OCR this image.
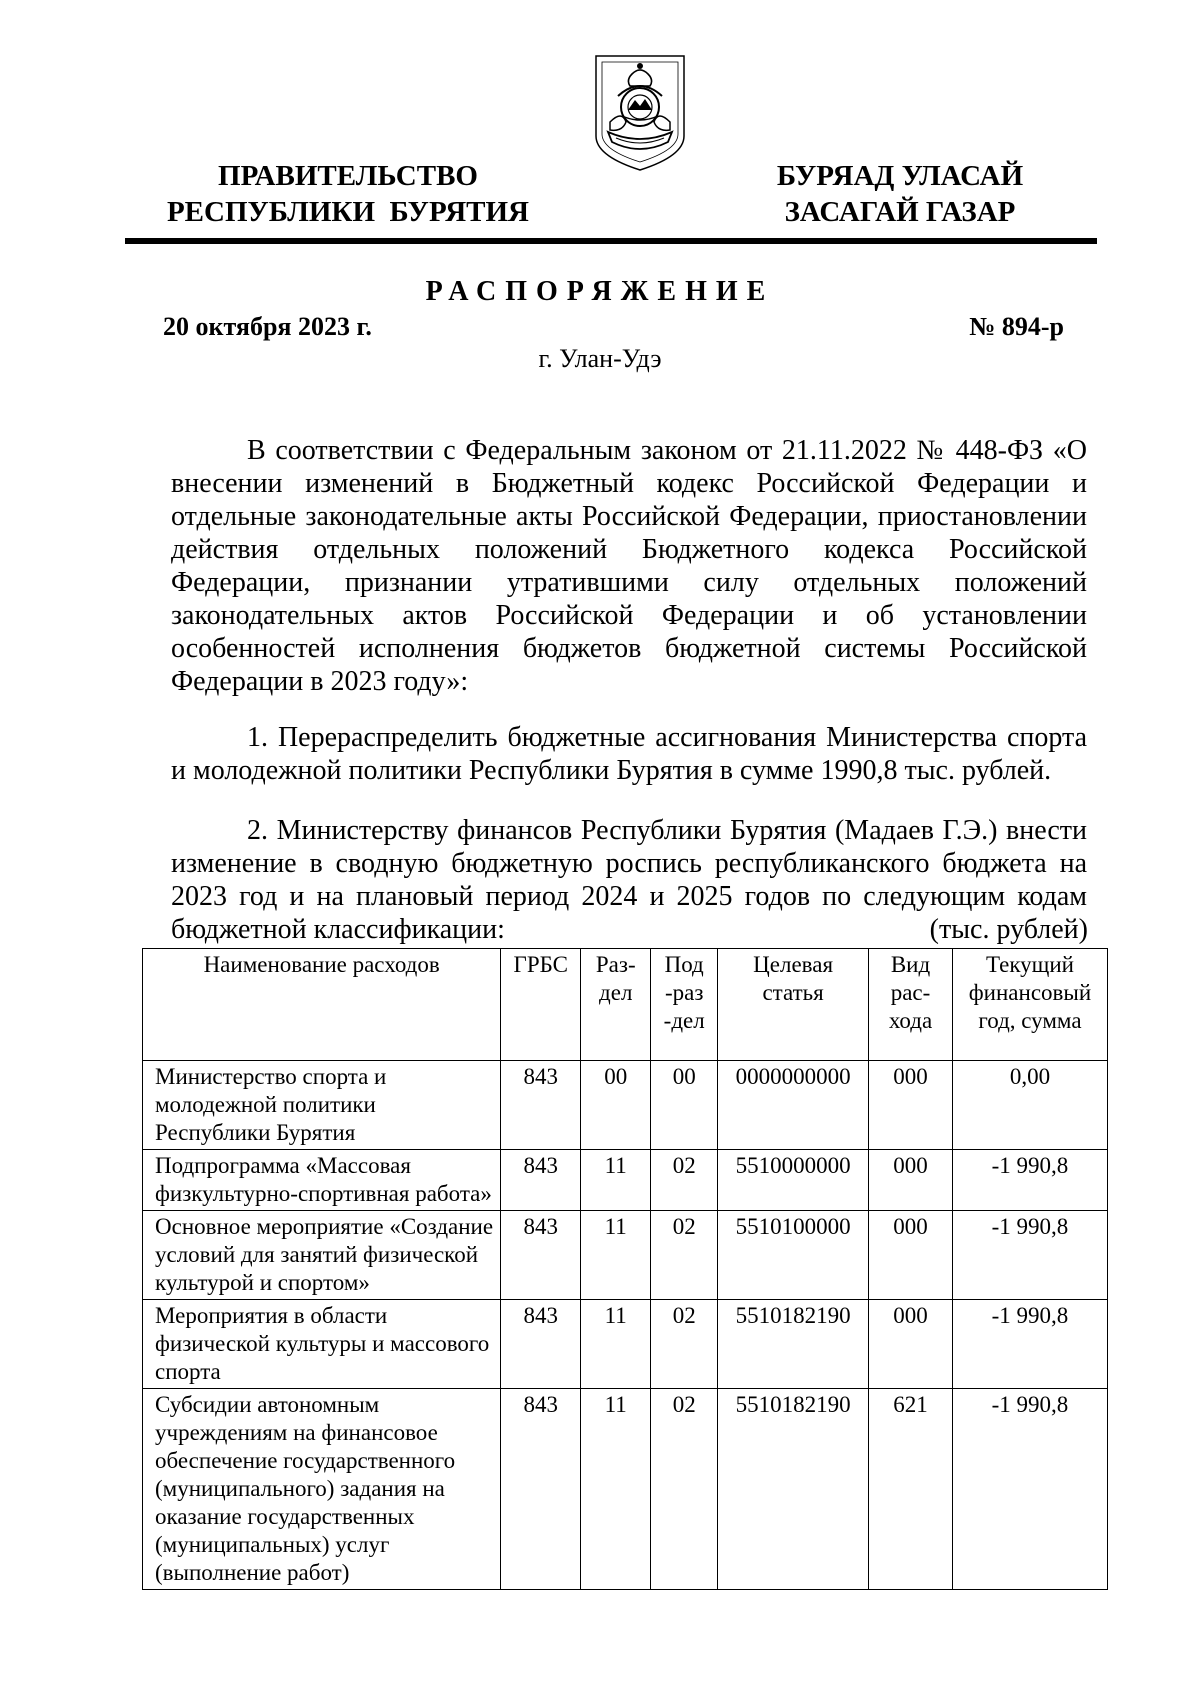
ПРАВИТЕЛЬСТВО
РЕСПУБЛИКИ  БУРЯТИЯ
БУРЯАД УЛАСАЙ
ЗАСАГАЙ ГАЗАР
РАСПОРЯЖЕНИЕ
20 октября 2023 г.	№ 894-р
г. Улан-Удэ

В соответствии с Федеральным законом от 21.11.2022 № 448-ФЗ «О внесении изменений в Бюджетный кодекс Российской Федерации и отдельные законодательные акты Российской Федерации, приостановлении действия отдельных положений Бюджетного кодекса Российской Федерации, признании утратившими силу отдельных положений законодательных актов Российской Федерации и об установлении особенностей исполнения бюджетов бюджетной системы Российской Федерации в 2023 году»:

1. Перераспределить бюджетные ассигнования Министерства спорта и молодежной политики Республики Бурятия в сумме 1990,8 тыс. рублей.

2. Министерству финансов Республики Бурятия (Мадаев Г.Э.) внести изменение в сводную бюджетную роспись республиканского бюджета на 2023 год и на плановый период 2024 и 2025 годов по следующим кодам бюджетной классификации:	(тыс. рублей)
Наименование расходов	ГРБС	Раз-дел	Под-раз-дел	Целевая статья	Вид рас-хода	Текущий финансовый год, сумма
Министерство спорта и молодежной политики Республики Бурятия	843	00	00	0000000000	000	0,00
Подпрограмма «Массовая физкультурно-спортивная работа»	843	11	02	5510000000	000	-1 990,8
Основное мероприятие «Создание условий для занятий физической культурой и спортом»	843	11	02	5510100000	000	-1 990,8
Мероприятия в области физической культуры и массового спорта	843	11	02	5510182190	000	-1 990,8
Субсидии автономным учреждениям на финансовое обеспечение государственного (муниципального) задания на оказание государственных (муниципальных) услуг (выполнение работ)	843	11	02	5510182190	621	-1 990,8
